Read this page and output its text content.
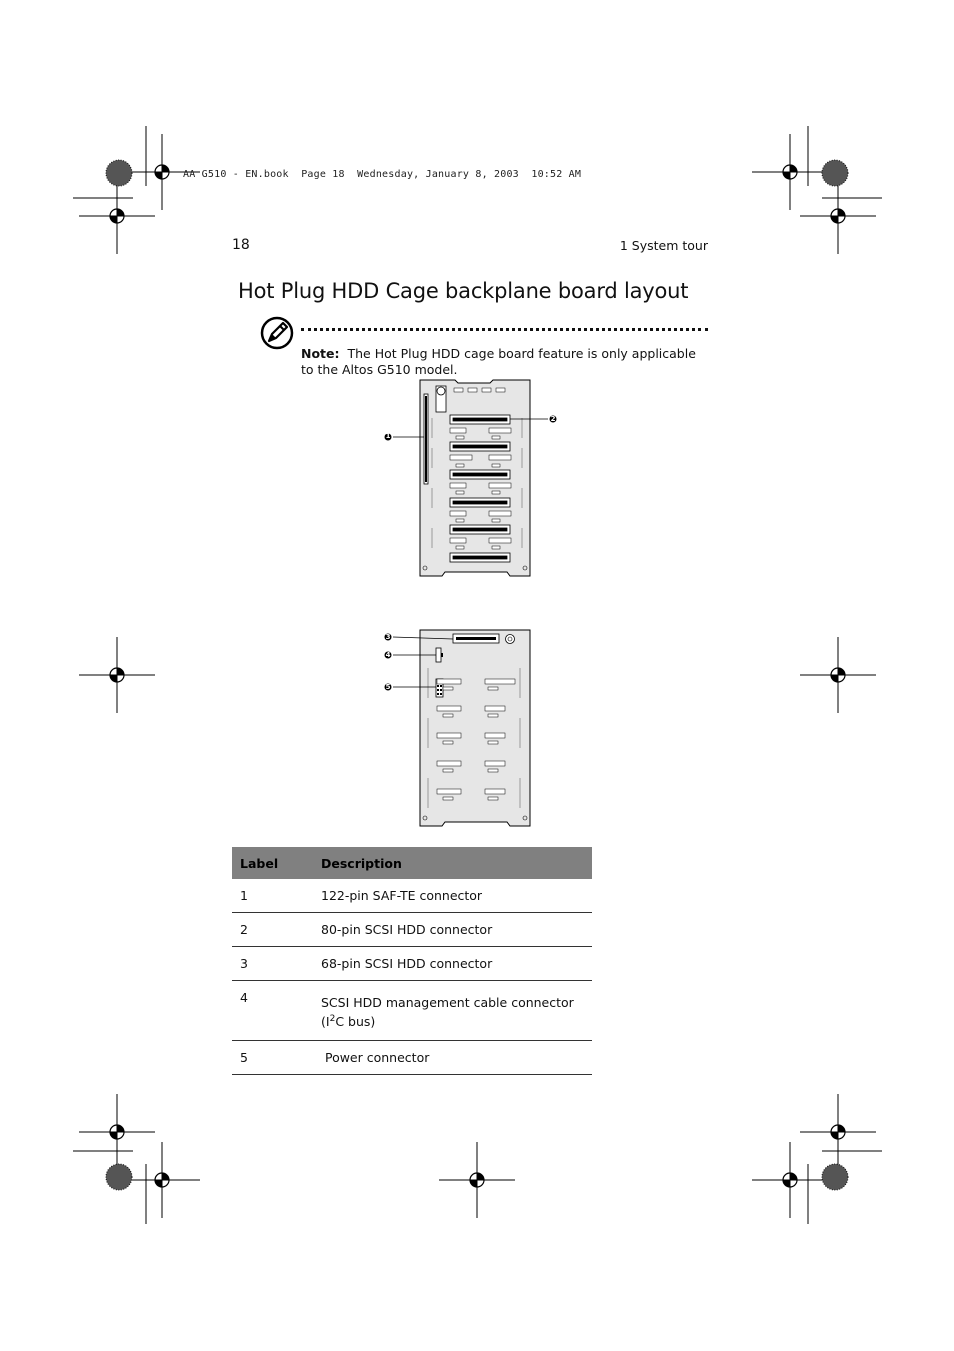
AA G510 - EN.book  Page 18  Wednesday, January 8, 2003  10:52 AM
18	1 System tour
Hot Plug HDD Cage backplane board layout
Note: The Hot Plug HDD cage board feature is only applicable to the Altos G510 model.
1
2
3
4
5
Label	Description
1	122-pin SAF-TE connector
2	80-pin SCSI HDD connector
3	68-pin SCSI HDD connector
4	SCSI HDD management cable connector ($I^2C$ bus)
5	Power connector
